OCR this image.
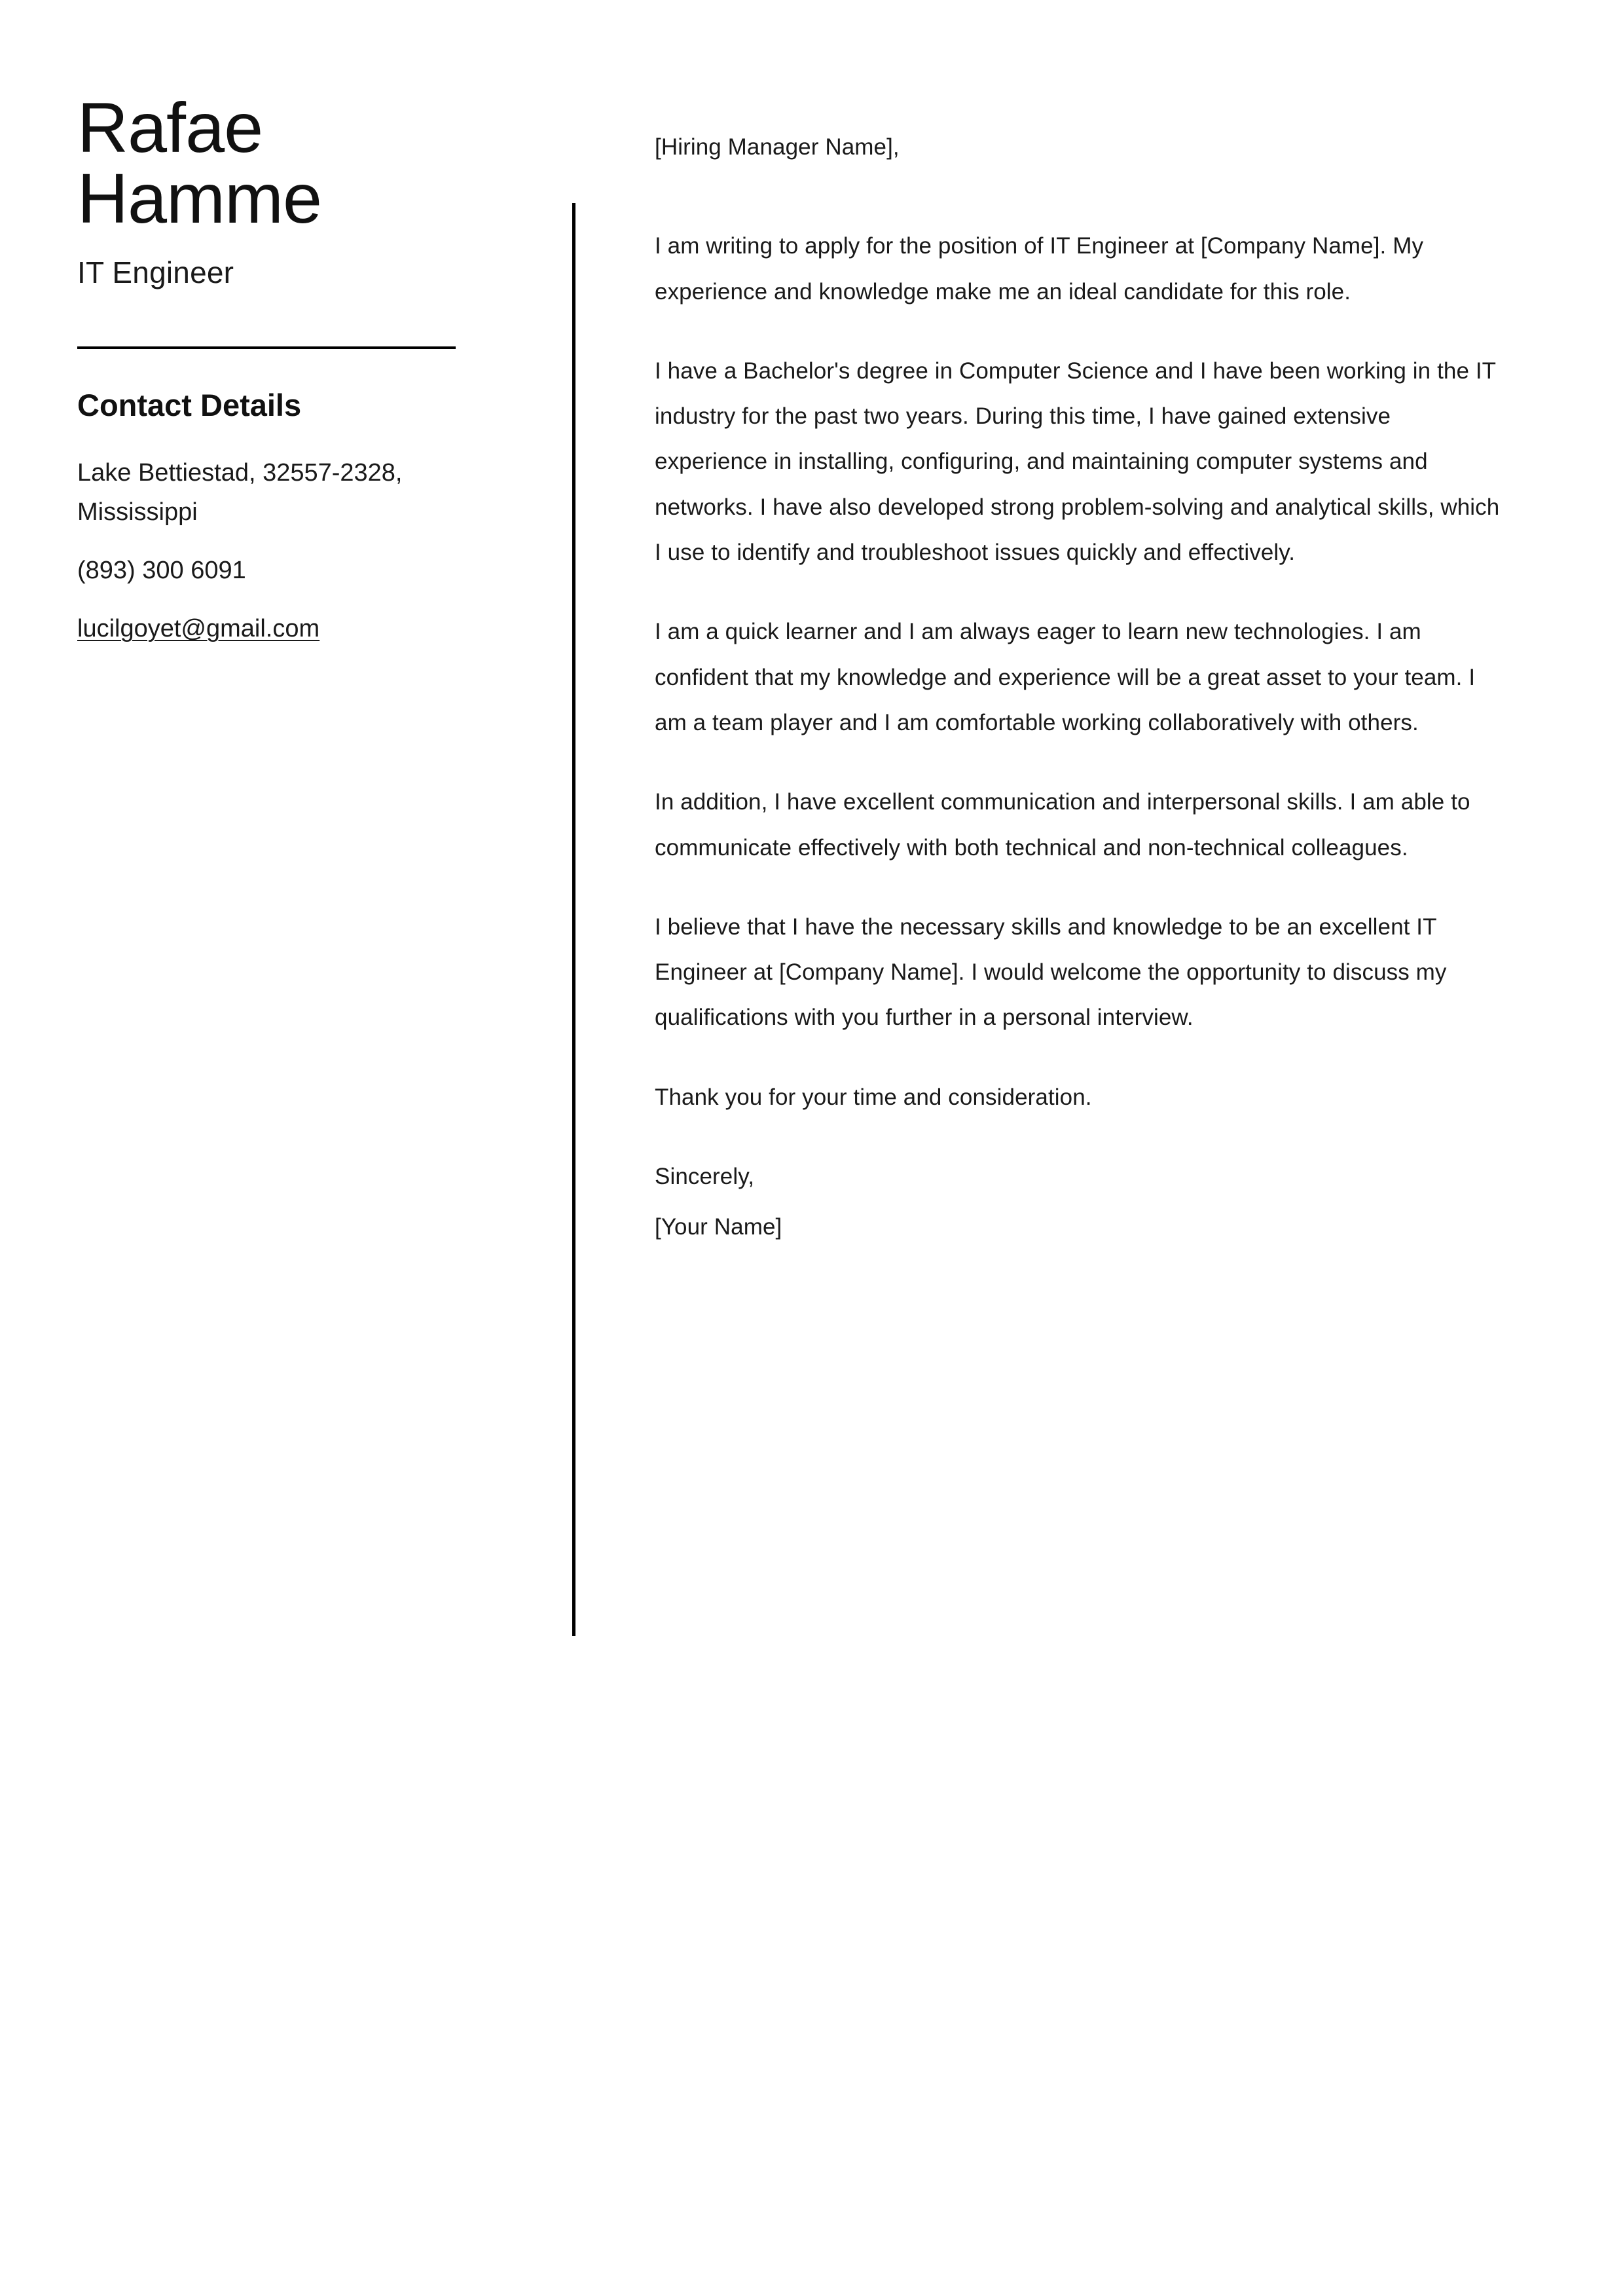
Rafae
Hamme
IT Engineer
Contact Details
Lake Bettiestad, 32557-2328, Mississippi
(893) 300 6091
lucilgoyet@gmail.com

[Hiring Manager Name],

I am writing to apply for the position of IT Engineer at [Company Name]. My experience and knowledge make me an ideal candidate for this role.

I have a Bachelor's degree in Computer Science and I have been working in the IT industry for the past two years. During this time, I have gained extensive experience in installing, configuring, and maintaining computer systems and networks. I have also developed strong problem-solving and analytical skills, which I use to identify and troubleshoot issues quickly and effectively.

I am a quick learner and I am always eager to learn new technologies. I am confident that my knowledge and experience will be a great asset to your team. I am a team player and I am comfortable working collaboratively with others.

In addition, I have excellent communication and interpersonal skills. I am able to communicate effectively with both technical and non-technical colleagues.

I believe that I have the necessary skills and knowledge to be an excellent IT Engineer at [Company Name]. I would welcome the opportunity to discuss my qualifications with you further in a personal interview.

Thank you for your time and consideration.

Sincerely,

[Your Name]
